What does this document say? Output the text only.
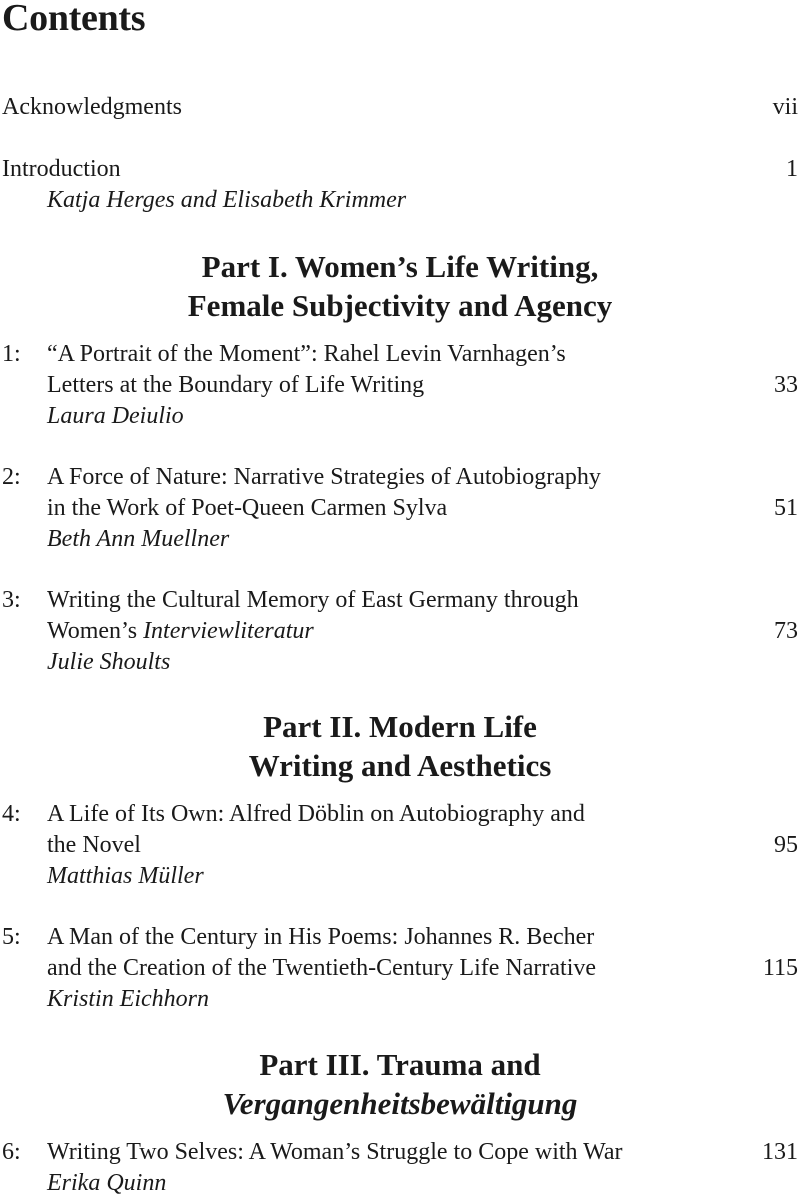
Contents
Acknowledgments	vii
Introduction	1
Katja Herges and Elisabeth Krimmer
Part I. Women’s Life Writing,
Female Subjectivity and Agency
1: “A Portrait of the Moment”: Rahel Levin Varnhagen’s
Letters at the Boundary of Life Writing	33
Laura Deiulio
2: A Force of Nature: Narrative Strategies of Autobiography
in the Work of Poet-Queen Carmen Sylva	51
Beth Ann Muellner
3: Writing the Cultural Memory of East Germany through
Women’s Interviewliteratur	73
Julie Shoults
Part II. Modern Life
Writing and Aesthetics
4: A Life of Its Own: Alfred Döblin on Autobiography and
the Novel	95
Matthias Müller
5: A Man of the Century in His Poems: Johannes R. Becher
and the Creation of the Twentieth-Century Life Narrative	115
Kristin Eichhorn
Part III. Trauma and
Vergangenheitsbewältigung
6: Writing Two Selves: A Woman’s Struggle to Cope with War	131
Erika Quinn
